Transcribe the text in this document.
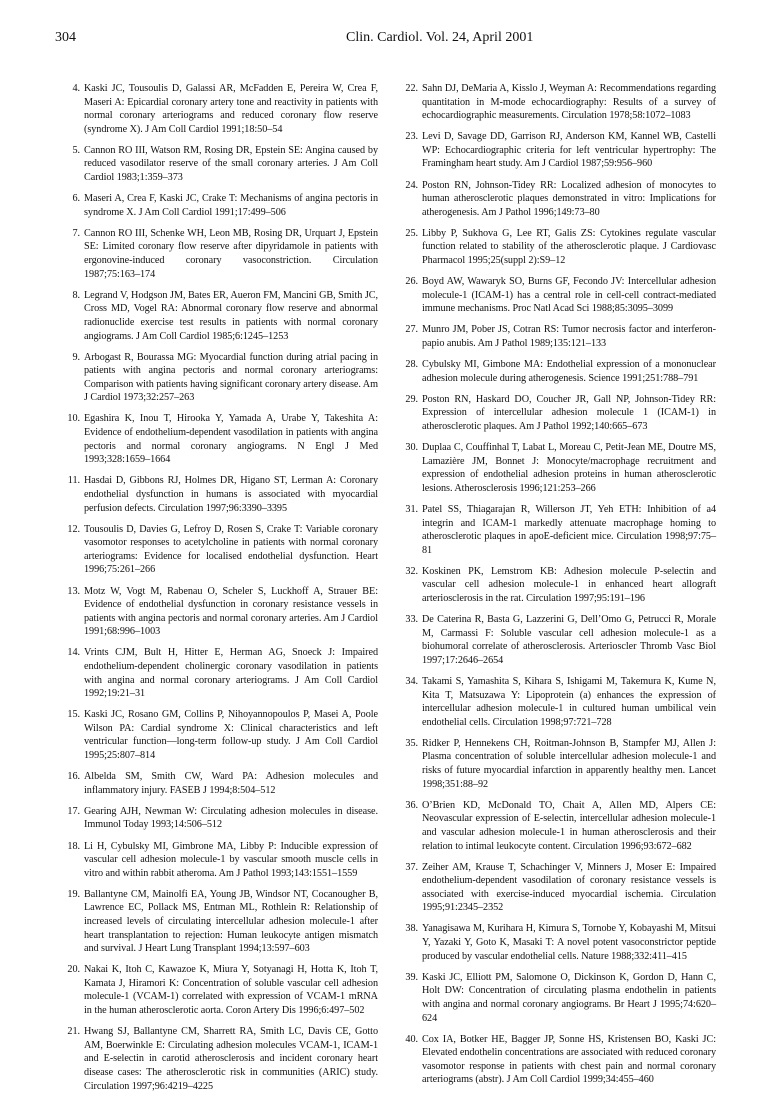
304	Clin. Cardiol. Vol. 24, April 2001
4. Kaski JC, Tousoulis D, Galassi AR, McFadden E, Pereira W, Crea F, Maseri A: Epicardial coronary artery tone and reactivity in patients with normal coronary arteriograms and reduced coronary flow reserve (syndrome X). J Am Coll Cardiol 1991;18:50–54
5. Cannon RO III, Watson RM, Rosing DR, Epstein SE: Angina caused by reduced vasodilator reserve of the small coronary arteries. J Am Coll Cardiol 1983;1:359–373
6. Maseri A, Crea F, Kaski JC, Crake T: Mechanisms of angina pectoris in syndrome X. J Am Coll Cardiol 1991;17:499–506
7. Cannon RO III, Schenke WH, Leon MB, Rosing DR, Urquart J, Epstein SE: Limited coronary flow reserve after dipyridamole in patients with ergonovine-induced coronary vasoconstriction. Circulation 1987;75:163–174
8. Legrand V, Hodgson JM, Bates ER, Aueron FM, Mancini GB, Smith JC, Cross MD, Vogel RA: Abnormal coronary flow reserve and abnormal radionuclide exercise test results in patients with normal coronary angiograms. J Am Coll Cardiol 1985;6:1245–1253
9. Arbogast R, Bourassa MG: Myocardial function during atrial pacing in patients with angina pectoris and normal coronary arteriograms: Comparison with patients having significant coronary artery disease. Am J Cardiol 1973;32:257–263
10. Egashira K, Inou T, Hirooka Y, Yamada A, Urabe Y, Takeshita A: Evidence of endothelium-dependent vasodilation in patients with angina pectoris and normal coronary angiograms. N Engl J Med 1993;328:1659–1664
11. Hasdai D, Gibbons RJ, Holmes DR, Higano ST, Lerman A: Coronary endothelial dysfunction in humans is associated with myocardial perfusion defects. Circulation 1997;96:3390–3395
12. Tousoulis D, Davies G, Lefroy D, Rosen S, Crake T: Variable coronary vasomotor responses to acetylcholine in patients with normal coronary arteriograms: Evidence for localised endothelial dysfunction. Heart 1996;75:261–266
13. Motz W, Vogt M, Rabenau O, Scheler S, Luckhoff A, Strauer BE: Evidence of endothelial dysfunction in coronary resistance vessels in patients with angina pectoris and normal coronary arteries. Am J Cardiol 1991;68:996–1003
14. Vrints CJM, Bult H, Hitter E, Herman AG, Snoeck J: Impaired endothelium-dependent cholinergic coronary vasodilation in patients with angina and normal coronary arteriograms. J Am Coll Cardiol 1992;19:21–31
15. Kaski JC, Rosano GM, Collins P, Nihoyannopoulos P, Masei A, Poole Wilson PA: Cardial syndrome X: Clinical characteristics and left ventricular function—long-term follow-up study. J Am Coll Cardiol 1995;25:807–814
16. Albelda SM, Smith CW, Ward PA: Adhesion molecules and inflammatory injury. FASEB J 1994;8:504–512
17. Gearing AJH, Newman W: Circulating adhesion molecules in disease. Immunol Today 1993;14:506–512
18. Li H, Cybulsky MI, Gimbrone MA, Libby P: Inducible expression of vascular cell adhesion molecule-1 by vascular smooth muscle cells in vitro and within rabbit atheroma. Am J Pathol 1993;143:1551–1559
19. Ballantyne CM, Mainolfi EA, Young JB, Windsor NT, Cocanougher B, Lawrence EC, Pollack MS, Entman ML, Rothlein R: Relationship of increased levels of circulating intercellular adhesion molecule-1 after heart transplantation to rejection: Human leukocyte antigen mismatch and survival. J Heart Lung Transplant 1994;13:597–603
20. Nakai K, Itoh C, Kawazoe K, Miura Y, Sotyanagi H, Hotta K, Itoh T, Kamata J, Hiramori K: Concentration of soluble vascular cell adhesion molecule-1 (VCAM-1) correlated with expression of VCAM-1 mRNA in the human atherosclerotic aorta. Coron Artery Dis 1996;6:497–502
21. Hwang SJ, Ballantyne CM, Sharrett RA, Smith LC, Davis CE, Gotto AM, Boerwinkle E: Circulating adhesion molecules VCAM-1, ICAM-1 and E-selectin in carotid atherosclerosis and incident coronary heart disease cases: The atherosclerotic risk in communities (ARIC) study. Circulation 1997;96:4219–4225
22. Sahn DJ, DeMaria A, Kisslo J, Weyman A: Recommendations regarding quantitation in M-mode echocardiography: Results of a survey of echocardiographic measurements. Circulation 1978;58:1072–1083
23. Levi D, Savage DD, Garrison RJ, Anderson KM, Kannel WB, Castelli WP: Echocardiographic criteria for left ventricular hypertrophy: The Framingham heart study. Am J Cardiol 1987;59:956–960
24. Poston RN, Johnson-Tidey RR: Localized adhesion of monocytes to human atherosclerotic plaques demonstrated in vitro: Implications for atherogenesis. Am J Pathol 1996;149:73–80
25. Libby P, Sukhova G, Lee RT, Galis ZS: Cytokines regulate vascular function related to stability of the atherosclerotic plaque. J Cardiovasc Pharmacol 1995;25(suppl 2):S9–12
26. Boyd AW, Wawaryk SO, Burns GF, Fecondo JV: Intercellular adhesion molecule-1 (ICAM-1) has a central role in cell-cell contract-mediated immune mechanisms. Proc Natl Acad Sci 1988;85:3095–3099
27. Munro JM, Pober JS, Cotran RS: Tumor necrosis factor and interferon-papio anubis. Am J Pathol 1989;135:121–133
28. Cybulsky MI, Gimbone MA: Endothelial expression of a mononuclear adhesion molecule during atherogenesis. Science 1991;251:788–791
29. Poston RN, Haskard DO, Coucher JR, Gall NP, Johnson-Tidey RR: Expression of intercellular adhesion molecule 1 (ICAM-1) in atherosclerotic plaques. Am J Pathol 1992;140:665–673
30. Duplaa C, Couffinhal T, Labat L, Moreau C, Petit-Jean ME, Doutre MS, Lamazière JM, Bonnet J: Monocyte/macrophage recruitment and expression of endothelial adhesion proteins in human atherosclerotic lesions. Atherosclerosis 1996;121:253–266
31. Patel SS, Thiagarajan R, Willerson JT, Yeh ETH: Inhibition of a4 integrin and ICAM-1 markedly attenuate macrophage homing to atherosclerotic plaques in apoE-deficient mice. Circulation 1998;97:75–81
32. Koskinen PK, Lemstrom KB: Adhesion molecule P-selectin and vascular cell adhesion molecule-1 in enhanced heart allograft arteriosclerosis in the rat. Circulation 1997;95:191–196
33. De Caterina R, Basta G, Lazzerini G, Dell’Omo G, Petrucci R, Morale M, Carmassi F: Soluble vascular cell adhesion molecule-1 as a biohumoral correlate of atherosclerosis. Arterioscler Thromb Vasc Biol 1997;17:2646–2654
34. Takami S, Yamashita S, Kihara S, Ishigami M, Takemura K, Kume N, Kita T, Matsuzawa Y: Lipoprotein (a) enhances the expression of intercellular adhesion molecule-1 in cultured human umbilical vein endothelial cells. Circulation 1998;97:721–728
35. Ridker P, Hennekens CH, Roitman-Johnson B, Stampfer MJ, Allen J: Plasma concentration of soluble intercellular adhesion molecule-1 and risks of future myocardial infarction in apparently healthy men. Lancet 1998;351:88–92
36. O’Brien KD, McDonald TO, Chait A, Allen MD, Alpers CE: Neovascular expression of E-selectin, intercellular adhesion molecule-1 and vascular adhesion molecule-1 in human atherosclerosis and their relation to intimal leukocyte content. Circulation 1996;93:672–682
37. Zeiher AM, Krause T, Schachinger V, Minners J, Moser E: Impaired endothelium-dependent vasodilation of coronary resistance vessels is associated with exercise-induced myocardial ischemia. Circulation 1995;91:2345–2352
38. Yanagisawa M, Kurihara H, Kimura S, Tornobe Y, Kobayashi M, Mitsui Y, Yazaki Y, Goto K, Masaki T: A novel potent vasoconstrictor peptide produced by vascular endothelial cells. Nature 1988;332:411–415
39. Kaski JC, Elliott PM, Salomone O, Dickinson K, Gordon D, Hann C, Holt DW: Concentration of circulating plasma endothelin in patients with angina and normal coronary angiograms. Br Heart J 1995;74:620–624
40. Cox IA, Botker HE, Bagger JP, Sonne HS, Kristensen BO, Kaski JC: Elevated endothelin concentrations are associated with reduced coronary vasomotor response in patients with chest pain and normal coronary arteriograms (abstr). J Am Coll Cardiol 1999;34:455–460
